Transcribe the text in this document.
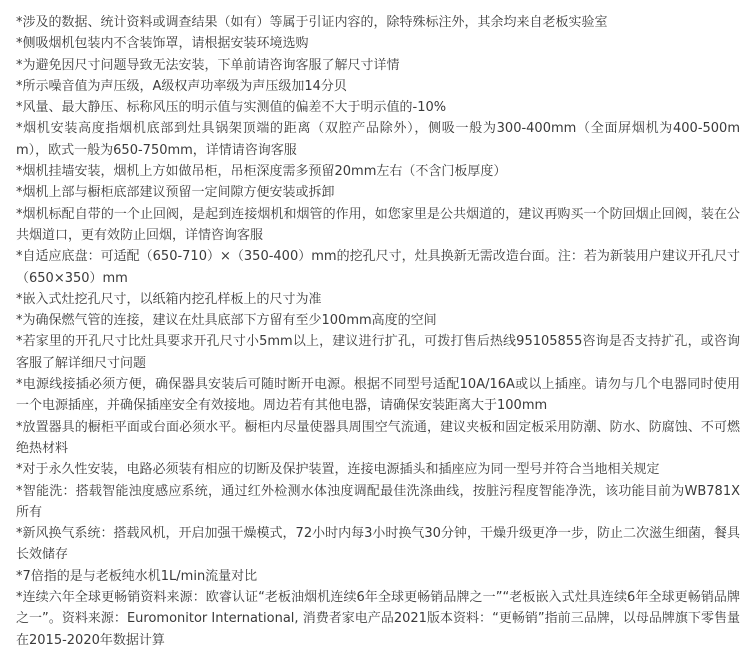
*涉及的数据、统计资料或调查结果（如有）等属于引证内容的，除特殊标注外，其余均来自老板实验室

*侧吸烟机包装内不含装饰罩，请根据安装环境选购

*为避免因尺寸问题导致无法安装，下单前请咨询客服了解尺寸详情

*所示噪音值为声压级，A级权声功率级为声压级加14分贝

*风量、最大静压、标称风压的明示值与实测值的偏差不大于明示值的-10%

*烟机安装高度指烟机底部到灶具锅架顶端的距离（双腔产品除外），侧吸一般为300-400mm（全面屏烟机为400-500mm），欧式一般为650-750mm，详情请咨询客服

*烟机挂墙安装，烟机上方如做吊柜，吊柜深度需多预留20mm左右（不含门板厚度）

*烟机上部与橱柜底部建议预留一定间隙方便安装或拆卸

*烟机标配自带的一个止回阀，是起到连接烟机和烟管的作用，如您家里是公共烟道的，建议再购买一个防回烟止回阀，装在公共烟道口，更有效防止回烟，详情咨询客服

*自适应底盘：可适配（650-710）×（350-400）mm的挖孔尺寸，灶具换新无需改造台面。注：若为新装用户建议开孔尺寸（650×350）mm

*嵌入式灶挖孔尺寸，以纸箱内挖孔样板上的尺寸为准

*为确保燃气管的连接，建议在灶具底部下方留有至少100mm高度的空间

*若家里的开孔尺寸比灶具要求开孔尺寸小5mm以上，建议进行扩孔，可拨打售后热线95105855咨询是否支持扩孔，或咨询客服了解详细尺寸问题

*电源线接插必须方便，确保器具安装后可随时断开电源。根据不同型号适配10A/16A或以上插座。请勿与几个电器同时使用一个电源插座，并确保插座安全有效接地。周边若有其他电器，请确保安装距离大于100mm

*放置器具的橱柜平面或台面必须水平。橱柜内尽量使器具周围空气流通，建议夹板和固定板采用防潮、防水、防腐蚀、不可燃绝热材料

*对于永久性安装，电路必须装有相应的切断及保护装置，连接电源插头和插座应为同一型号并符合当地相关规定

*智能洗：搭载智能浊度感应系统，通过红外检测水体浊度调配最佳洗涤曲线，按脏污程度智能净洗，该功能目前为WB781X所有

*新风换气系统：搭载风机，开启加强干燥模式，72小时内每3小时换气30分钟，干燥升级更净一步，防止二次滋生细菌，餐具长效储存

*7倍指的是与老板纯水机1L/min流量对比

*连续六年全球更畅销资料来源：欧睿认证“老板油烟机连续6年全球更畅销品牌之一”“老板嵌入式灶具连续6年全球更畅销品牌之一”。资料来源：Euromonitor International, 消费者家电产品2021版本资料：“更畅销”指前三品牌，以母品牌旗下零售量在2015-2020年数据计算
